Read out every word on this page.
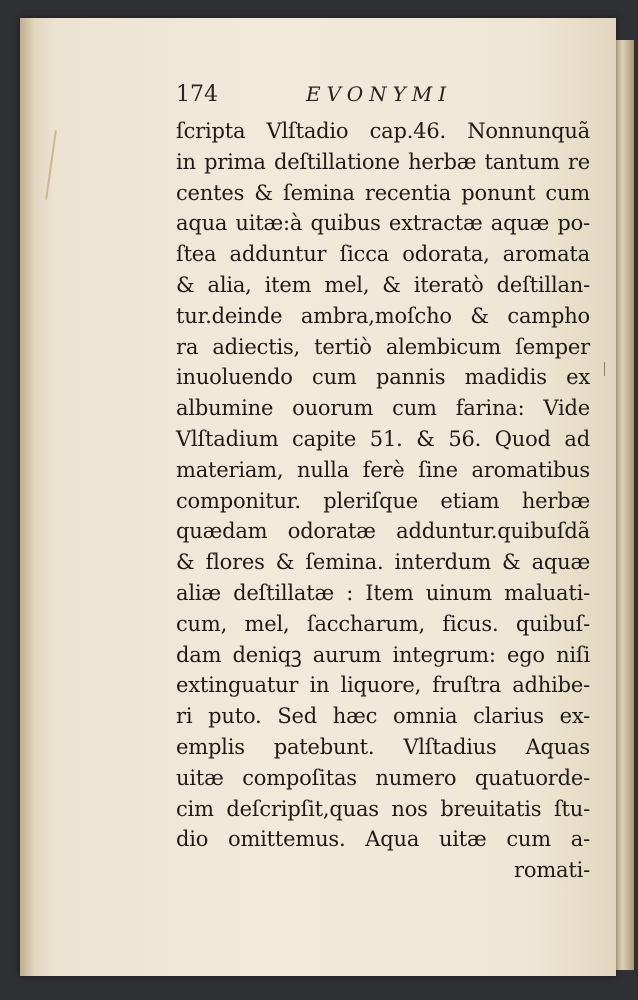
174	EVONYMI
ſcripta Vlſtadio cap.46. Nonnunquã
in prima deſtillatione herbæ tantum re
centes & ſemina recentia ponunt cum
aqua uitæ:à quibus extractæ aquæ po-
ſtea adduntur ſicca odorata, aromata
& alia, item mel, & iteratò deſtillan-
tur.deinde ambra,moſcho & campho
ra adiectis, tertiò alembicum ſemper
inuoluendo cum pannis madidis ex
albumine ouorum cum farina: Vide
Vlſtadium capite 51. & 56. Quod ad
materiam, nulla ferè ſine aromatibus
componitur. pleriſque etiam herbæ
quædam odoratæ adduntur.quibuſdã
& flores & ſemina. interdum & aquæ
aliæ deſtillatæ : Item uinum maluati-
cum, mel, ſaccharum, ficus. quibuſ-
dam deniqꝫ aurum integrum: ego niſi
extinguatur in liquore, fruſtra adhibe-
ri puto. Sed hæc omnia clarius ex-
emplis patebunt. Vlſtadius Aquas
uitæ compoſitas numero quatuorde-
cim deſcripſit,quas nos breuitatis ſtu-
dio omittemus. Aqua uitæ cum a-
romati-
